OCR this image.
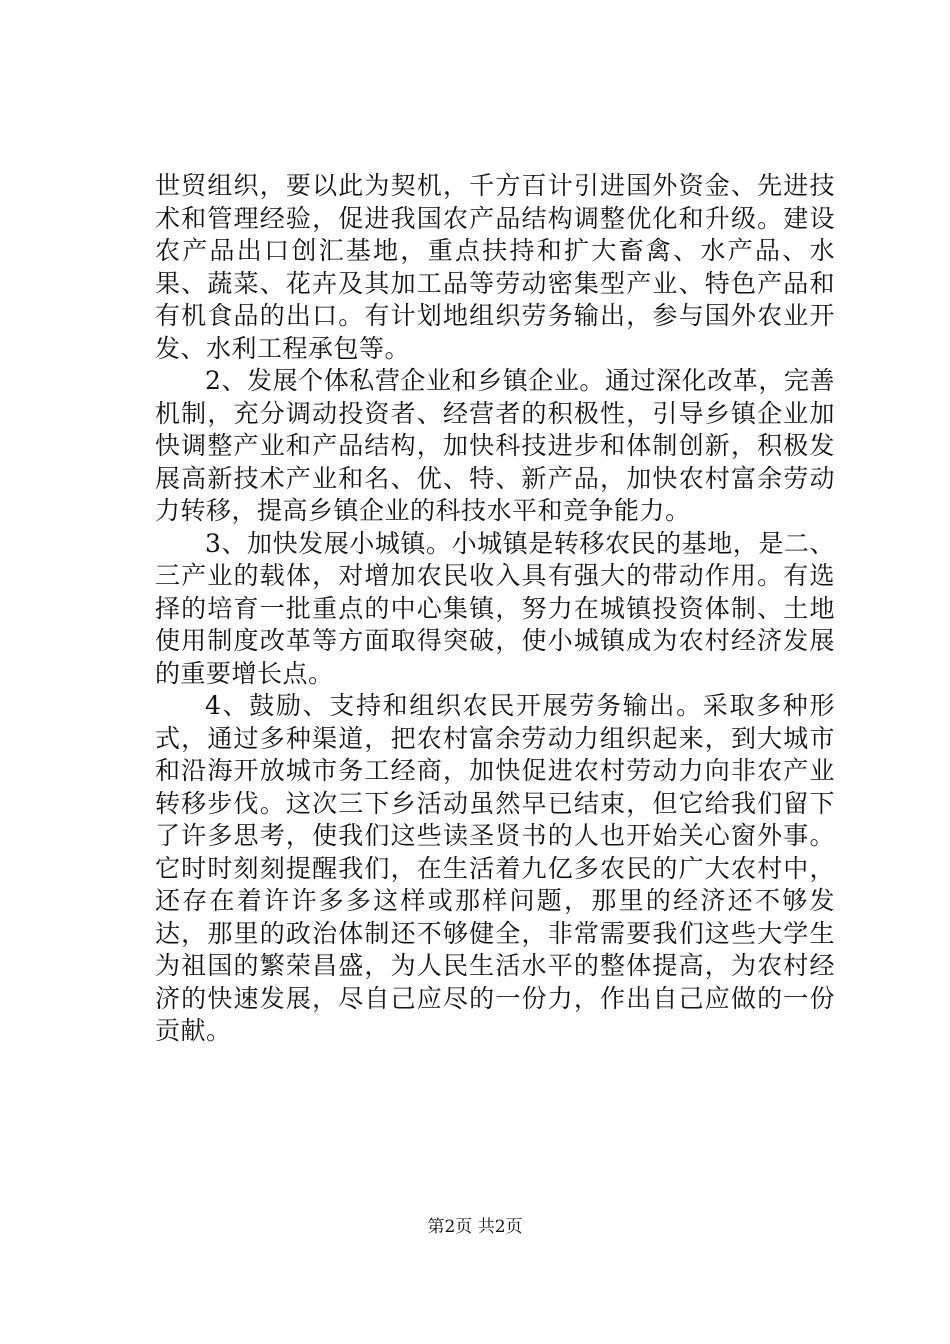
世贸组织，要以此为契机，千方百计引进国外资金、先进技术和管理经验，促进我国农产品结构调整优化和升级。建设农产品出口创汇基地，重点扶持和扩大畜禽、水产品、水果、蔬菜、花卉及其加工品等劳动密集型产业、特色产品和有机食品的出口。有计划地组织劳务输出，参与国外农业开发、水利工程承包等。

2、发展个体私营企业和乡镇企业。通过深化改革，完善机制，充分调动投资者、经营者的积极性，引导乡镇企业加快调整产业和产品结构，加快科技进步和体制创新，积极发展高新技术产业和名、优、特、新产品，加快农村富余劳动力转移，提高乡镇企业的科技水平和竞争能力。

3、加快发展小城镇。小城镇是转移农民的基地，是二、三产业的载体，对增加农民收入具有强大的带动作用。有选择的培育一批重点的中心集镇，努力在城镇投资体制、土地使用制度改革等方面取得突破，使小城镇成为农村经济发展的重要增长点。

4、鼓励、支持和组织农民开展劳务输出。采取多种形式，通过多种渠道，把农村富余劳动力组织起来，到大城市和沿海开放城市务工经商，加快促进农村劳动力向非农产业转移步伐。这次三下乡活动虽然早已结束，但它给我们留下了许多思考，使我们这些读圣贤书的人也开始关心窗外事。它时时刻刻提醒我们，在生活着九亿多农民的广大农村中，还存在着许许多多这样或那样问题，那里的经济还不够发达，那里的政治体制还不够健全，非常需要我们这些大学生为祖国的繁荣昌盛，为人民生活水平的整体提高，为农村经济的快速发展，尽自己应尽的一份力，作出自己应做的一份贡献。

第2页 共2页
